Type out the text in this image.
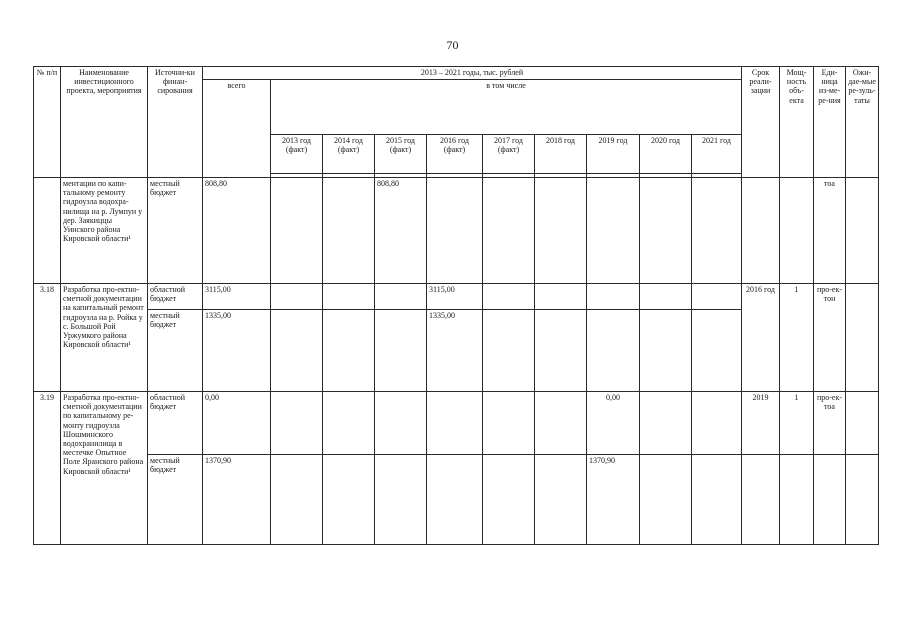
70
№ п/п	Наименование инвестиционного проекта, мероприятия	Источни-ки финан-сирования	2013 – 2021 годы, тыс. рублей										Срок реали-зации	Мощ-ность объ-екта	Еди-ница из-ме-ре-ния	Ожи-дае-мые ре-зуль-таты
			всего	в том числе												
				2013 год (факт)	2014 год (факт)	2015 год (факт)	2016 год (факт)	2017 год (факт)	2018 год	2019 год	2020 год	2021 год				

	ментации по капи-тальному ремонту гидроузла водохра-нилища на р. Лумпун у дер. Заякиццы Уинского района Кировской области¹	местный бюджет	808,80			808,80									тоа	
3.18	Разработка про-ектно-сметной документации на капитальный ремонт гидроузла на р. Ройка у с. Большой Рой Уржумкого района Кировской области¹	областной бюджет	3115,00				3115,00						2016 год	1	про-ек-тон	
		местный бюджет	1335,00				1335,00									
3.19	Разработка про-ектно-сметной документации по капитальному ре-монту гидроузла Шошминского водохранилища в местечке Опытное Поле Яранского района Кировской области¹	областной бюджет	0,00							0,00			2019	1	про-ек-тоа	
		местный бюджет	1370,90							1370,90						
